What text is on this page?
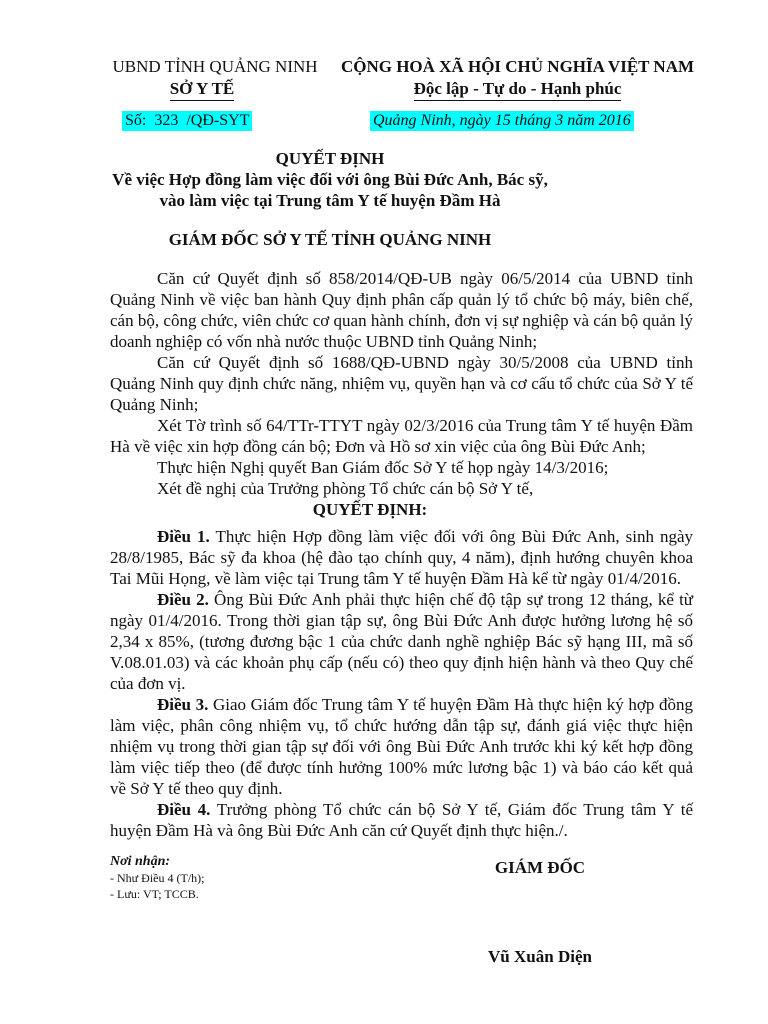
UBND TỈNH QUẢNG NINH
SỞ Y TẾ
CỘNG HOÀ XÃ HỘI CHỦ NGHĨA VIỆT NAM
Độc lập - Tự do - Hạnh phúc
Số:  323  /QĐ-SYT	Quảng Ninh, ngày 15 tháng 3 năm 2016
QUYẾT ĐỊNH
Về việc Hợp đồng làm việc đối với ông Bùi Đức Anh, Bác sỹ,
vào làm việc tại Trung tâm Y tế huyện Đầm Hà
GIÁM ĐỐC SỞ Y TẾ TỈNH QUẢNG NINH

Căn cứ Quyết định số 858/2014/QĐ-UB ngày 06/5/2014 của UBND tỉnh Quảng Ninh về việc ban hành Quy định phân cấp quản lý tổ chức bộ máy, biên chế, cán bộ, công chức, viên chức cơ quan hành chính, đơn vị sự nghiệp và cán bộ quản lý doanh nghiệp có vốn nhà nước thuộc UBND tỉnh Quảng Ninh;

Căn cứ Quyết định số 1688/QĐ-UBND ngày 30/5/2008 của UBND tỉnh Quảng Ninh quy định chức năng, nhiệm vụ, quyền hạn và cơ cấu tổ chức của Sở Y tế Quảng Ninh;

Xét Tờ trình số 64/TTr-TTYT ngày 02/3/2016 của Trung tâm Y tế huyện Đầm Hà về việc xin hợp đồng cán bộ; Đơn và Hồ sơ xin việc của ông Bùi Đức Anh;

Thực hiện Nghị quyết Ban Giám đốc Sở Y tế họp ngày 14/3/2016;

Xét đề nghị của Trưởng phòng Tổ chức cán bộ Sở Y tế,

QUYẾT ĐỊNH:

Điều 1. Thực hiện Hợp đồng làm việc đối với ông Bùi Đức Anh, sinh ngày 28/8/1985, Bác sỹ đa khoa (hệ đào tạo chính quy, 4 năm), định hướng chuyên khoa Tai Mũi Họng, về làm việc tại Trung tâm Y tế huyện Đầm Hà kể từ ngày 01/4/2016.

Điều 2. Ông Bùi Đức Anh phải thực hiện chế độ tập sự trong 12 tháng, kể từ ngày 01/4/2016. Trong thời gian tập sự, ông Bùi Đức Anh được hưởng lương hệ số 2,34 x 85%, (tương đương bậc 1 của chức danh nghề nghiệp Bác sỹ hạng III, mã số V.08.01.03) và các khoản phụ cấp (nếu có) theo quy định hiện hành và theo Quy chế của đơn vị.

Điều 3. Giao Giám đốc Trung tâm Y tế huyện Đầm Hà thực hiện ký hợp đồng làm việc, phân công nhiệm vụ, tổ chức hướng dẫn tập sự, đánh giá việc thực hiện nhiệm vụ trong thời gian tập sự đối với ông Bùi Đức Anh trước khi ký kết hợp đồng làm việc tiếp theo (để được tính hưởng 100% mức lương bậc 1) và báo cáo kết quả về Sở Y tế theo quy định.

Điều 4. Trưởng phòng Tổ chức cán bộ Sở Y tế, Giám đốc Trung tâm Y tế huyện Đầm Hà và ông Bùi Đức Anh căn cứ Quyết định thực hiện./.

Nơi nhận:
- Như Điều 4 (T/h);
- Lưu: VT; TCCB.
GIÁM ĐỐC
Vũ Xuân Diện
